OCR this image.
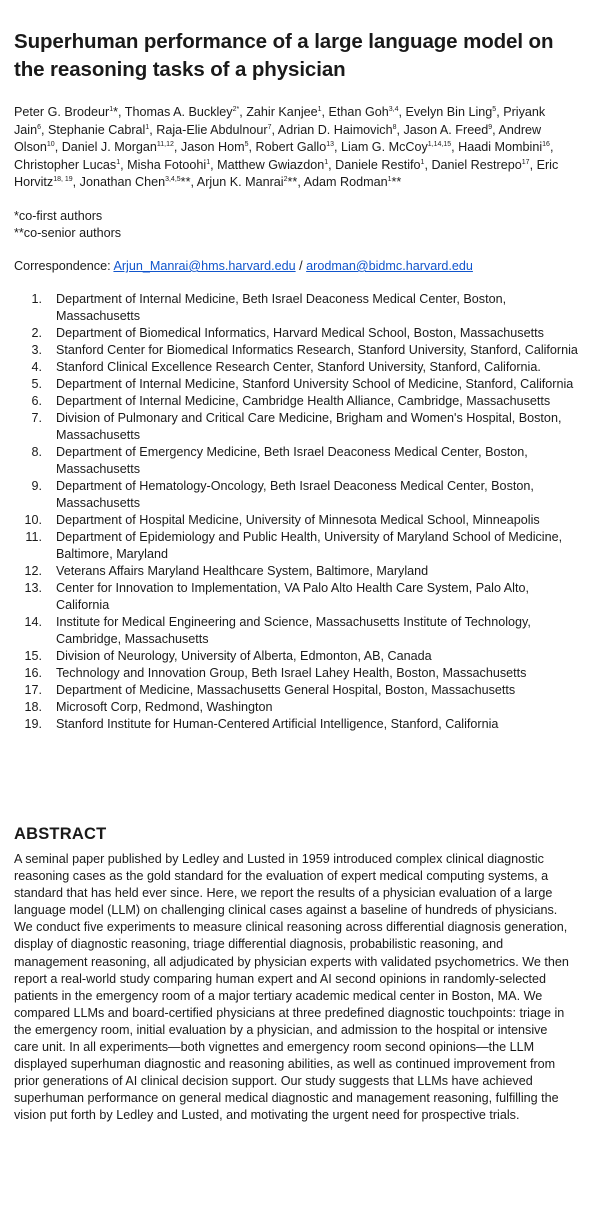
Superhuman performance of a large language model on the reasoning tasks of a physician
Peter G. Brodeur$^1$*, Thomas A. Buckley$^{2*}$, Zahir Kanjee$^1$, Ethan Goh$^{3,4}$, Evelyn Bin Ling$^5$, Priyank Jain$^6$, Stephanie Cabral$^1$, Raja-Elie Abdulnour$^7$, Adrian D. Haimovich$^8$, Jason A. Freed$^9$, Andrew Olson$^{10}$, Daniel J. Morgan$^{11,12}$, Jason Hom$^5$, Robert Gallo$^{13}$, Liam G. McCoy$^{1,14,15}$, Haadi Mombini$^{16}$, Christopher Lucas$^1$, Misha Fotoohi$^1$, Matthew Gwiazdon$^1$, Daniele Restifo$^1$, Daniel Restrepo$^{17}$, Eric Horvitz$^{18, 19}$, Jonathan Chen$^{3,4,5}$**, Arjun K. Manrai$^2$**, Adam Rodman$^1$**
*co-first authors
**co-senior authors
Correspondence: Arjun_Manrai@hms.harvard.edu / arodman@bidmc.harvard.edu
1.	Department of Internal Medicine, Beth Israel Deaconess Medical Center, Boston, Massachusetts
2.	Department of Biomedical Informatics, Harvard Medical School, Boston, Massachusetts
3.	Stanford Center for Biomedical Informatics Research, Stanford University, Stanford, California
4.	Stanford Clinical Excellence Research Center, Stanford University, Stanford, California.
5.	Department of Internal Medicine, Stanford University School of Medicine, Stanford, California
6.	Department of Internal Medicine, Cambridge Health Alliance, Cambridge, Massachusetts
7.	Division of Pulmonary and Critical Care Medicine, Brigham and Women's Hospital, Boston, Massachusetts
8.	Department of Emergency Medicine, Beth Israel Deaconess Medical Center, Boston, Massachusetts
9.	Department of Hematology-Oncology, Beth Israel Deaconess Medical Center, Boston, Massachusetts
10.	Department of Hospital Medicine, University of Minnesota Medical School, Minneapolis
11.	Department of Epidemiology and Public Health, University of Maryland School of Medicine, Baltimore, Maryland
12.	Veterans Affairs Maryland Healthcare System, Baltimore, Maryland
13.	Center for Innovation to Implementation, VA Palo Alto Health Care System, Palo Alto, California
14.	Institute for Medical Engineering and Science, Massachusetts Institute of Technology, Cambridge, Massachusetts
15.	Division of Neurology, University of Alberta, Edmonton, AB, Canada
16.	Technology and Innovation Group, Beth Israel Lahey Health, Boston, Massachusetts
17.	Department of Medicine, Massachusetts General Hospital, Boston, Massachusetts
18.	Microsoft Corp, Redmond, Washington
19.	Stanford Institute for Human-Centered Artificial Intelligence, Stanford, California
ABSTRACT
A seminal paper published by Ledley and Lusted in 1959 introduced complex clinical diagnostic reasoning cases as the gold standard for the evaluation of expert medical computing systems, a standard that has held ever since. Here, we report the results of a physician evaluation of a large language model (LLM) on challenging clinical cases against a baseline of hundreds of physicians. We conduct five experiments to measure clinical reasoning across differential diagnosis generation, display of diagnostic reasoning, triage differential diagnosis, probabilistic reasoning, and management reasoning, all adjudicated by physician experts with validated psychometrics. We then report a real-world study comparing human expert and AI second opinions in randomly-selected patients in the emergency room of a major tertiary academic medical center in Boston, MA. We compared LLMs and board-certified physicians at three predefined diagnostic touchpoints: triage in the emergency room, initial evaluation by a physician, and admission to the hospital or intensive care unit. In all experiments—both vignettes and emergency room second opinions—the LLM displayed superhuman diagnostic and reasoning abilities, as well as continued improvement from prior generations of AI clinical decision support. Our study suggests that LLMs have achieved superhuman performance on general medical diagnostic and management reasoning, fulfilling the vision put forth by Ledley and Lusted, and motivating the urgent need for prospective trials.
